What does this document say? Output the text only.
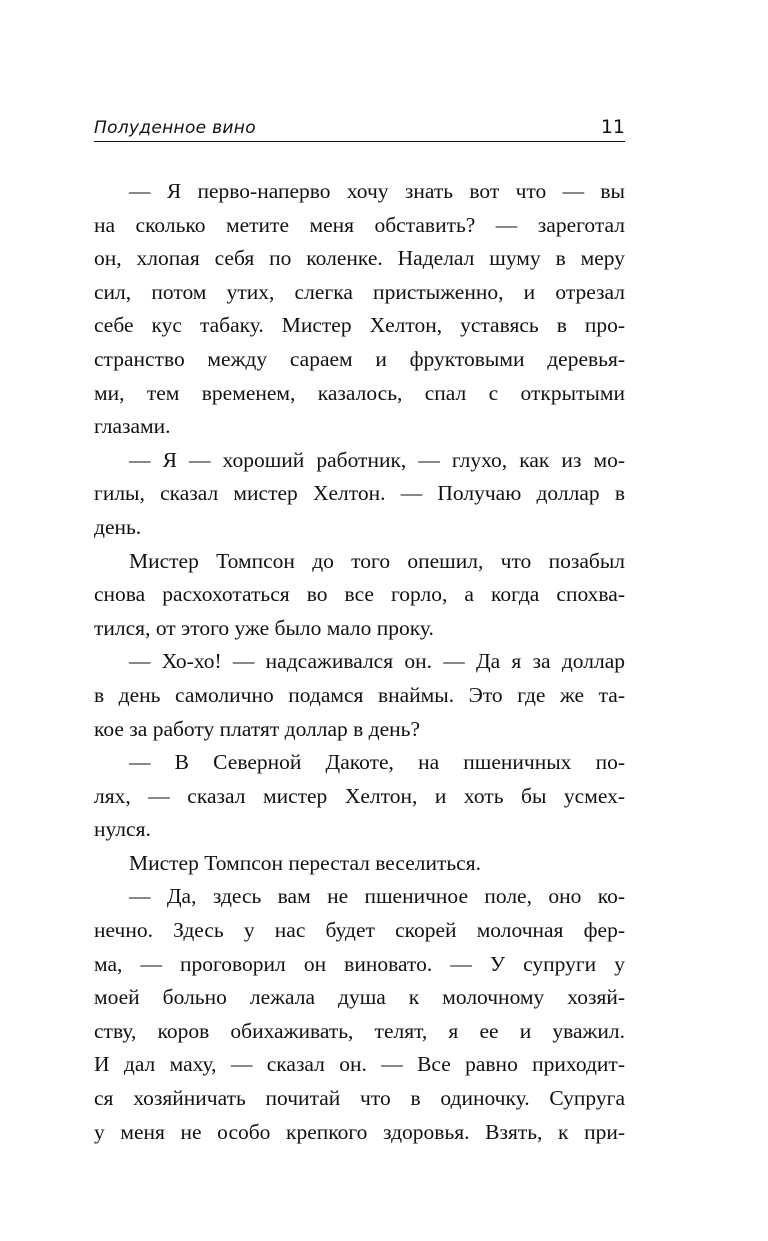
Полуденное вино	11

— Я перво-наперво хочу знать вот что — вы
на сколько метите меня обставить? — зареготал
он, хлопая себя по коленке. Наделал шуму в меру
сил, потом утих, слегка пристыженно, и отрезал
себе кус табаку. Мистер Хелтон, уставясь в про-
странство между сараем и фруктовыми деревья-
ми, тем временем, казалось, спал с открытыми
глазами.

— Я — хороший работник, — глухо, как из мо-
гилы, сказал мистер Хелтон. — Получаю доллар в
день.

Мистер Томпсон до того опешил, что позабыл
снова расхохотаться во все горло, а когда спохва-
тился, от этого уже было мало проку.

— Хо-хо! — надсаживался он. — Да я за доллар
в день самолично подамся внаймы. Это где же та-
кое за работу платят доллар в день?

— В Северной Дакоте, на пшеничных по-
лях, — сказал мистер Хелтон, и хоть бы усмех-
нулся.

Мистер Томпсон перестал веселиться.

— Да, здесь вам не пшеничное поле, оно ко-
нечно. Здесь у нас будет скорей молочная фер-
ма, — проговорил он виновато. — У супруги у
моей больно лежала душа к молочному хозяй-
ству, коров обихаживать, телят, я ее и уважил.
И дал маху, — сказал он. — Все равно приходит-
ся хозяйничать почитай что в одиночку. Супруга
у меня не особо крепкого здоровья. Взять, к при-
